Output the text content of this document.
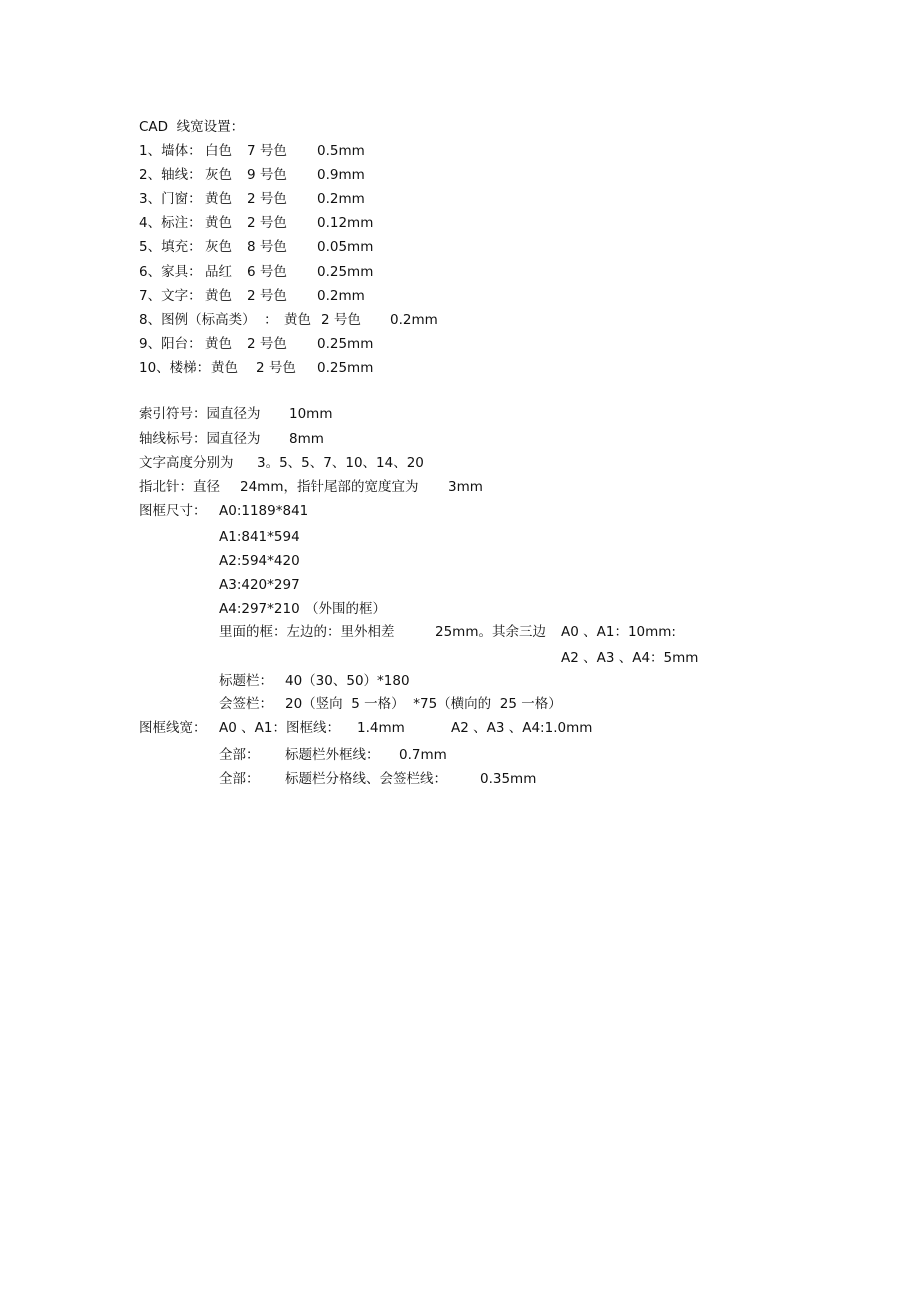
CAD  线宽设置：
1、墙体： 白色 7 号色 0.5mm
2、轴线： 灰色 9 号色 0.9mm
3、门窗： 黄色 2 号色 0.2mm
4、标注： 黄色 2 号色 0.12mm
5、填充： 灰色 8 号色 0.05mm
6、家具： 品红 6 号色 0.25mm
7、文字： 黄色 2 号色 0.2mm
8、图例（标高类）  ： 黄色 2 号色 0.2mm
9、阳台： 黄色 2 号色 0.25mm
10、楼梯： 黄色 2 号色 0.25mm
索引符号：园直径为 10mm
轴线标号：园直径为 8mm
文字高度分别为 3。5、5、7、10、14、20
指北针：直径 24mm，指针尾部的宽度宜为 3mm
图框尺寸： A0:1189*841
A1:841*594
A2:594*420
A3:420*297
A4:297*210 （外围的框）
里面的框：左边的：里外相差	25mm。其余三边 A0 、A1：10mm:
A2 、A3 、A4：5mm
标题栏： 40（30、50）*180
会签栏： 20（竖向  5 一格）  *75（横向的  25 一格）
图框线宽： A0 、A1：图框线： 1.4mm	A2 、A3 、A4:1.0mm
全部： 标题栏外框线： 0.7mm
全部： 标题栏分格线、会签栏线： 0.35mm
